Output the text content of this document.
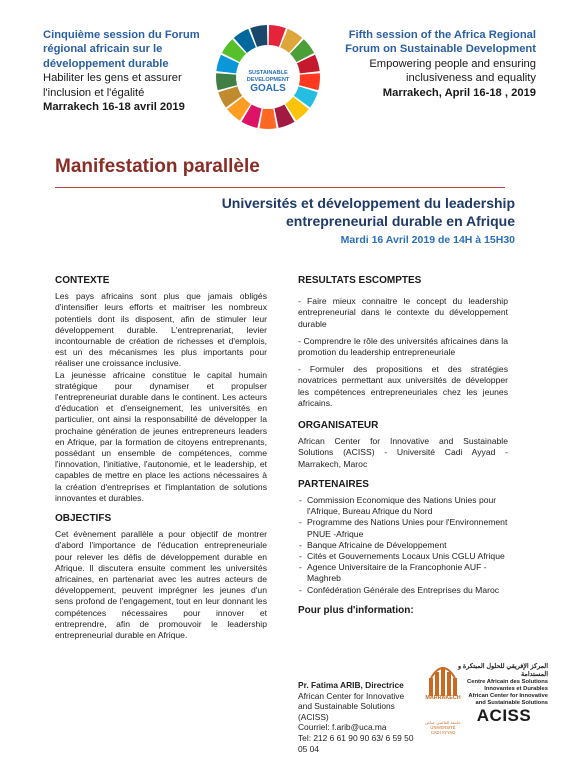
Cinquième session du Forum
régional africain sur le
développement durable
Habiliter les gens et assurer
l'inclusion et l'égalité
Marrakech 16-18 avril 2019
SUSTAINABLE
DEVELOPMENT
GOALS
Fifth session of the Africa Regional
Forum on Sustainable Development
Empowering people and ensuring
inclusiveness and equality
Marrakech, April 16-18 , 2019
Manifestation parallèle
Universités et développement du leadership
entrepreneurial durable en Afrique
Mardi 16 Avril 2019 de 14H à 15H30
CONTEXTE

Les pays africains sont plus que jamais obligés d'intensifier leurs efforts et maitriser les nombreux potentiels dont ils disposent, afin de stimuler leur développement durable. L'entreprenariat, levier incontournable de création de richesses et d'emplois, est un des mécanismes les plus importants pour réaliser une croissance inclusive.

La jeunesse africaine constitue le capital humain stratégique pour dynamiser et propulser l'entrepreneuriat durable dans le continent. Les acteurs d'éducation et d'enseignement, les universités en particulier, ont ainsi la responsabilité de développer la prochaine génération de jeunes entrepreneurs leaders en Afrique, par la formation de citoyens entreprenants, possédant un ensemble de compétences, comme l'innovation, l'initiative, l'autonomie, et le leadership, et capables de mettre en place les actions nécessaires à la création d'entreprises et l'implantation de solutions innovantes et durables.

OBJECTIFS

Cet évènement parallèle a pour objectif de montrer d'abord l'importance de l'éducation entrepreneuriale pour relever les défis de développement durable en Afrique. Il discutera ensuite comment les universités africaines, en partenariat avec les autres acteurs de développement, peuvent imprégner les jeunes d'un sens profond de l'engagement, tout en leur donnant les compétences nécessaires pour innover et entreprendre, afin de promouvoir le leadership entrepreneurial durable en Afrique.

RESULTATS ESCOMPTES

- Faire mieux connaitre le concept du leadership entrepreneurial dans le contexte du développement durable

- Comprendre le rôle des universités africaines dans la promotion du leadership entrepreneuriale

- Formuler des propositions et des stratégies novatrices permettant aux universités de développer les compétences entrepreneuriales chez les jeunes africains.

ORGANISATEUR

African Center for Innovative and Sustainable Solutions (ACISS) - Université Cadi Ayyad - Marrakech, Maroc

PARTENAIRES
- Commission Economique des Nations Unies pour l'Afrique, Bureau Afrique du Nord
- Programme des Nations Unies pour l'Environnement PNUE -Afrique
- Banque Africaine de Développement
- Cités et Gouvernements Locaux Unis CGLU Afrique
- Agence Universitaire de la Francophonie AUF - Maghreb
- Confédération Générale des Entreprises du Maroc
Pour plus d'information:
Pr. Fatima ARIB, Directrice
African Center for Innovative and Sustainable Solutions (ACISS)
Courriel: f.arib@uca.ma
Tel: 212 6 61 90 90 63/ 6 59 50 05 04
المركز الإفريقي للحلول المبتكرة و المستدامة
Centre Africain des Solutions
Innovantes et Durables
African Center for Innovative
and Sustainable Solutions
ACISS
MARRAKECH
جامعة القاضي عياض UNIVERSITÉ CADI AYYAD
